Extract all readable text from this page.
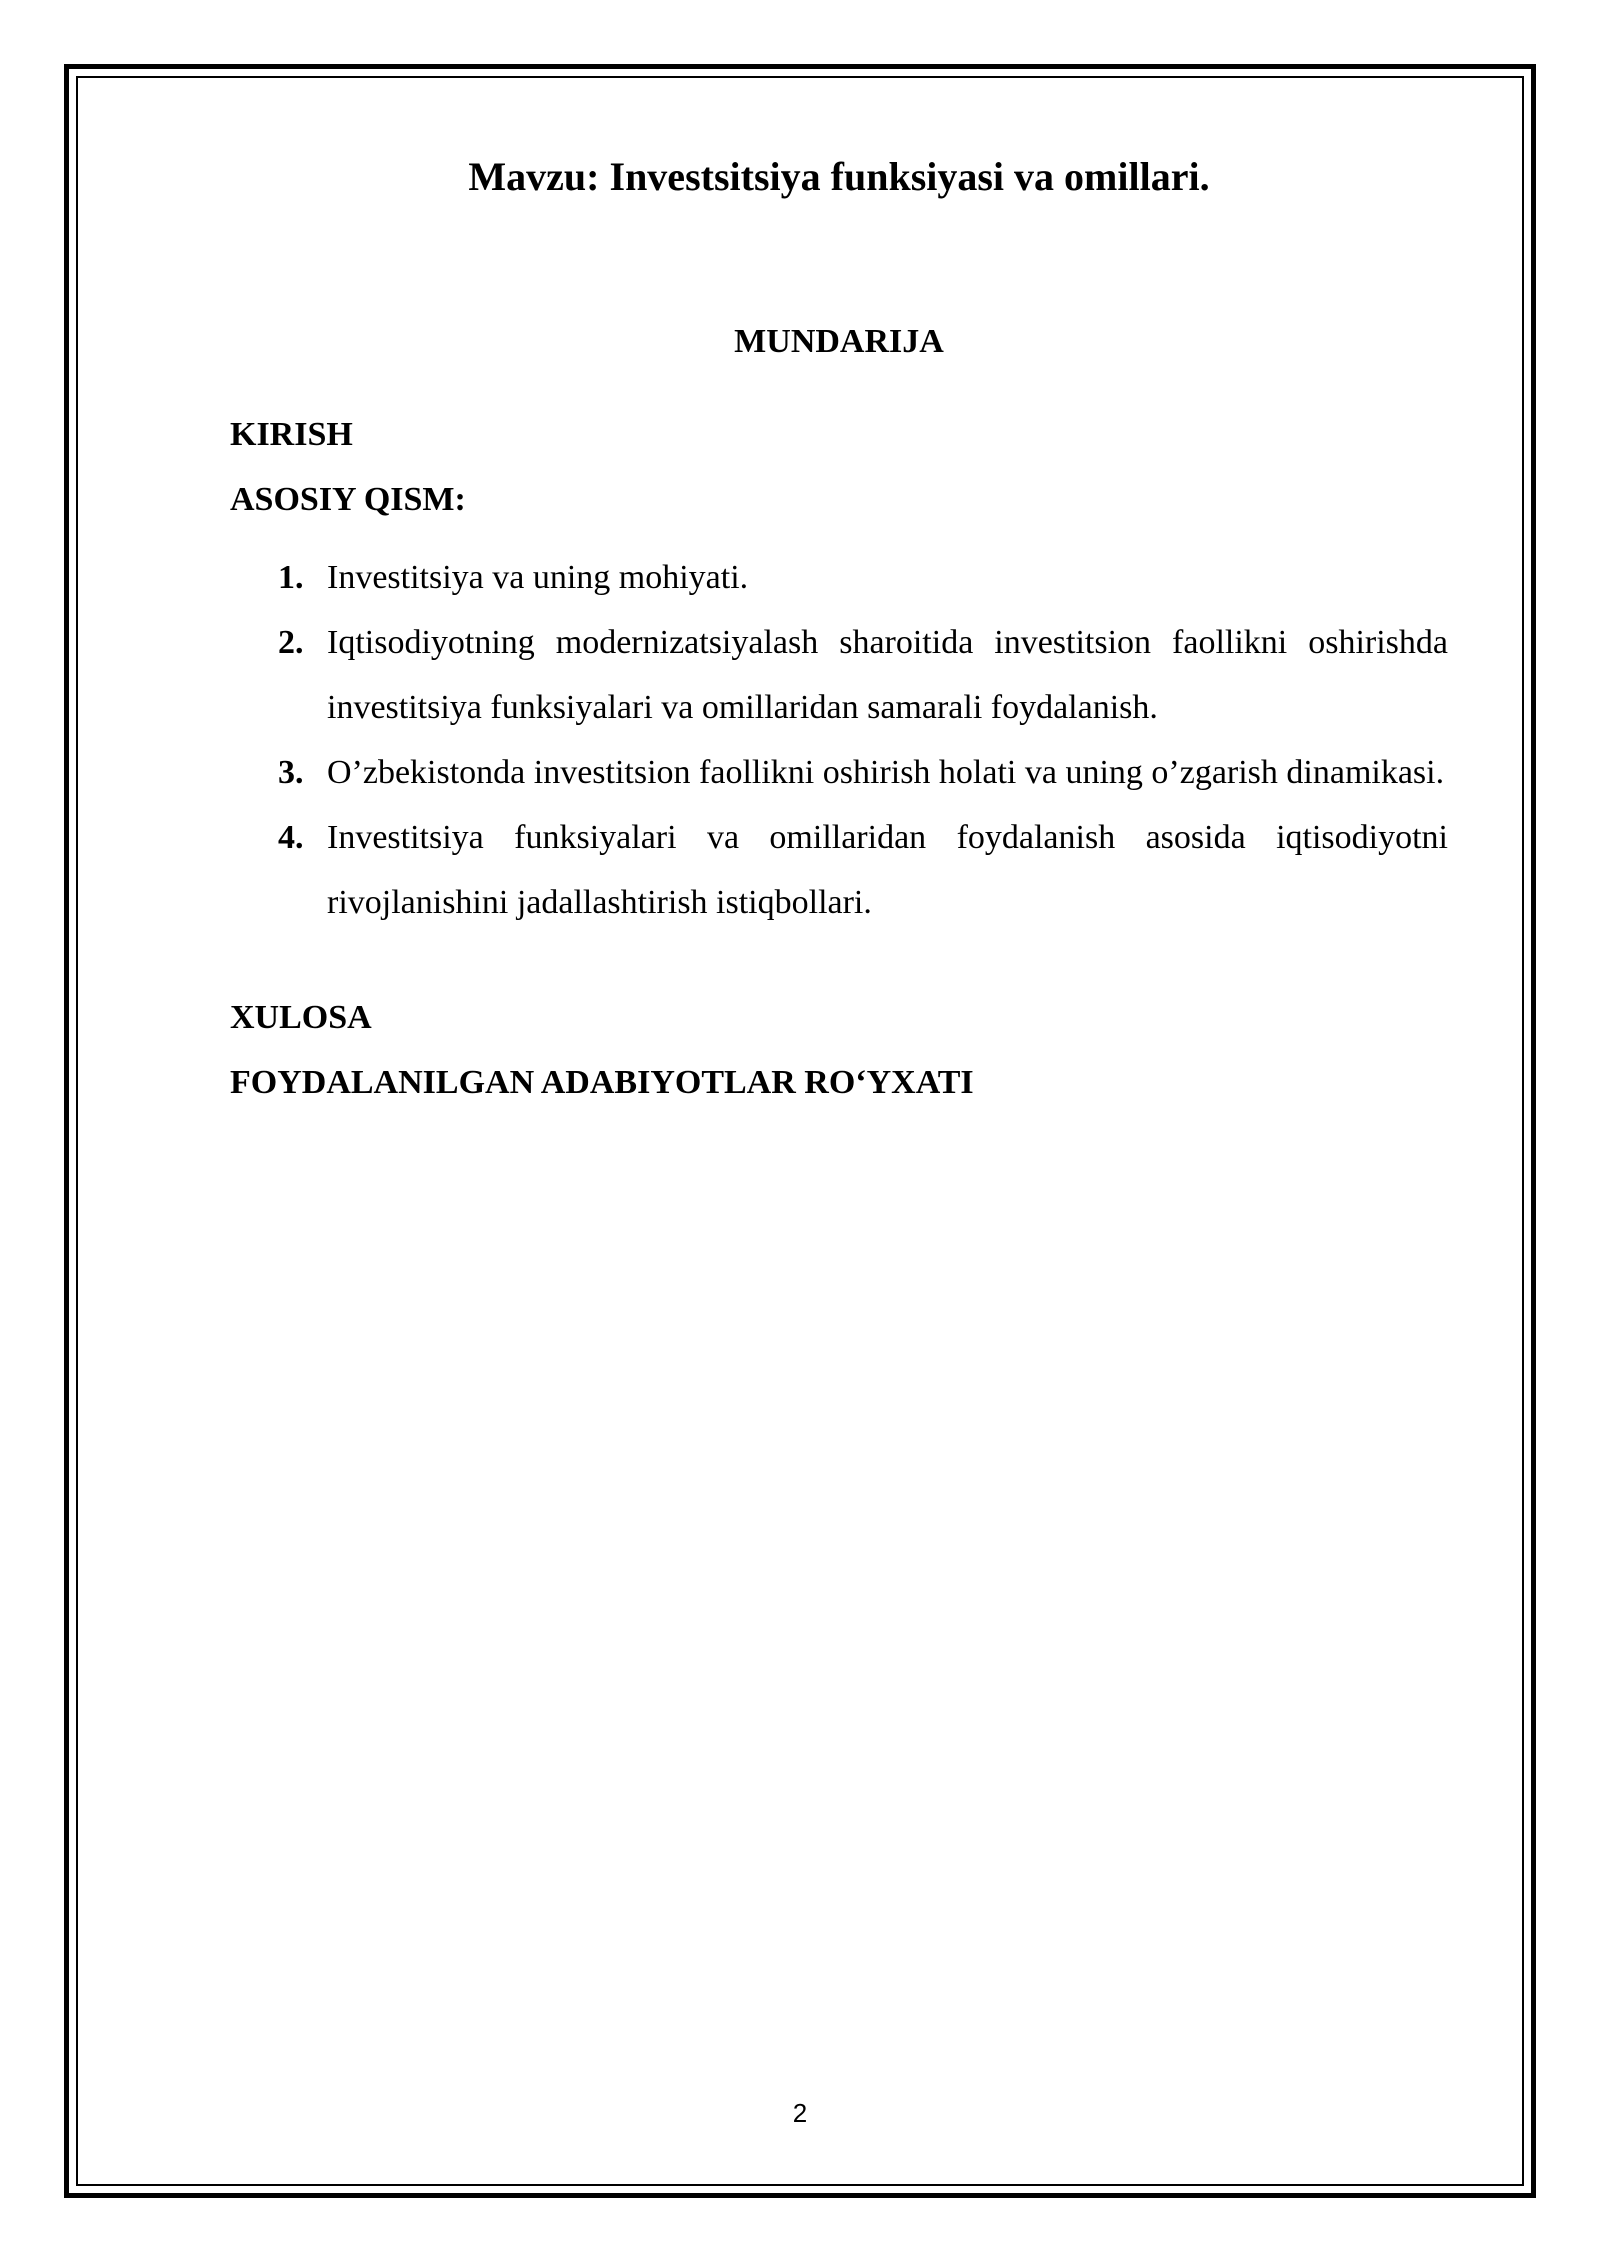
Mavzu: Investsitsiya funksiyasi va omillari.
MUNDARIJA
KIRISH
ASOSIY QISM:
1. Investitsiya va uning mohiyati.
2. Iqtisodiyotning modernizatsiyalash sharoitida investitsion faollikni oshirishda investitsiya funksiyalari va omillaridan samarali foydalanish.
3. O’zbekistonda investitsion faollikni oshirish holati va uning o’zgarish dinamikasi.
4. Investitsiya funksiyalari va omillaridan foydalanish asosida iqtisodiyotni rivojlanishini jadallashtirish istiqbollari.
XULOSA
FOYDALANILGAN ADABIYOTLAR RO‘YXATI
2
